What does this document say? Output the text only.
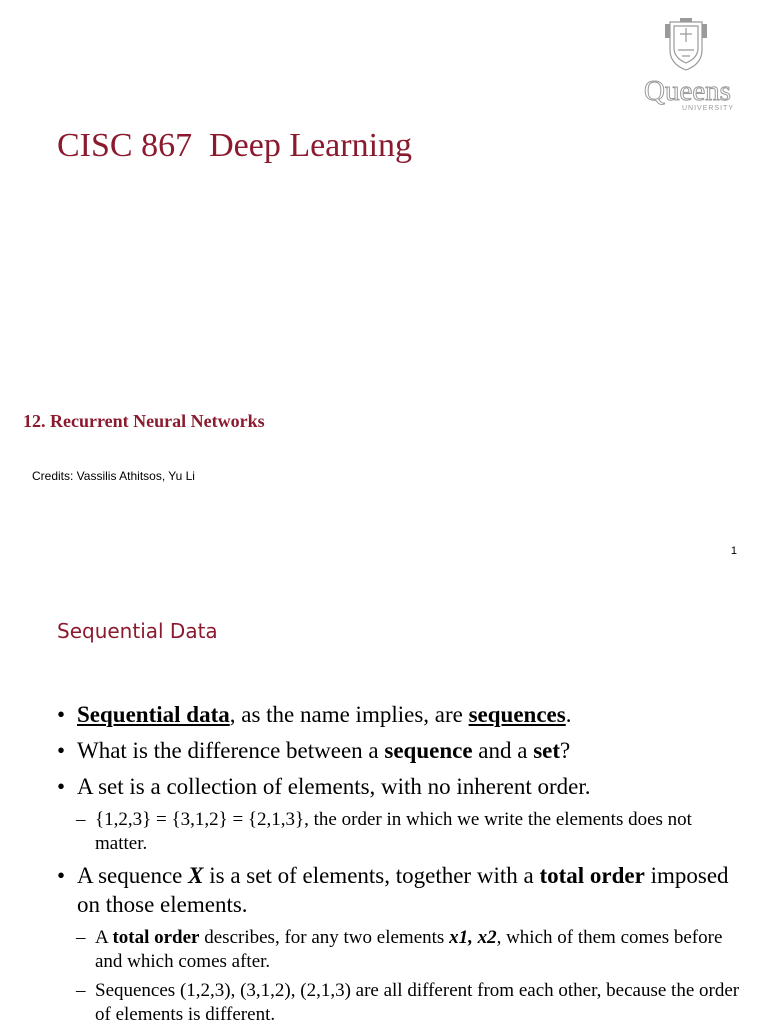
Queens
UNIVERSITY
CISC 867  Deep Learning
12. Recurrent Neural Networks
Credits: Vassilis Athitsos, Yu Li
1
Sequential Data
• Sequential data, as the name implies, are sequences.
• What is the difference between a sequence and a set?
• A set is a collection of elements, with no inherent order.
– {1,2,3} = {3,1,2} = {2,1,3}, the order in which we write the elements does not matter.
• A sequence X is a set of elements, together with a total order imposed on those elements.
– A total order describes, for any two elements x1, x2, which of them comes before and which comes after.
– Sequences (1,2,3), (3,1,2), (2,1,3) are all different from each other, because the order of elements is different.
